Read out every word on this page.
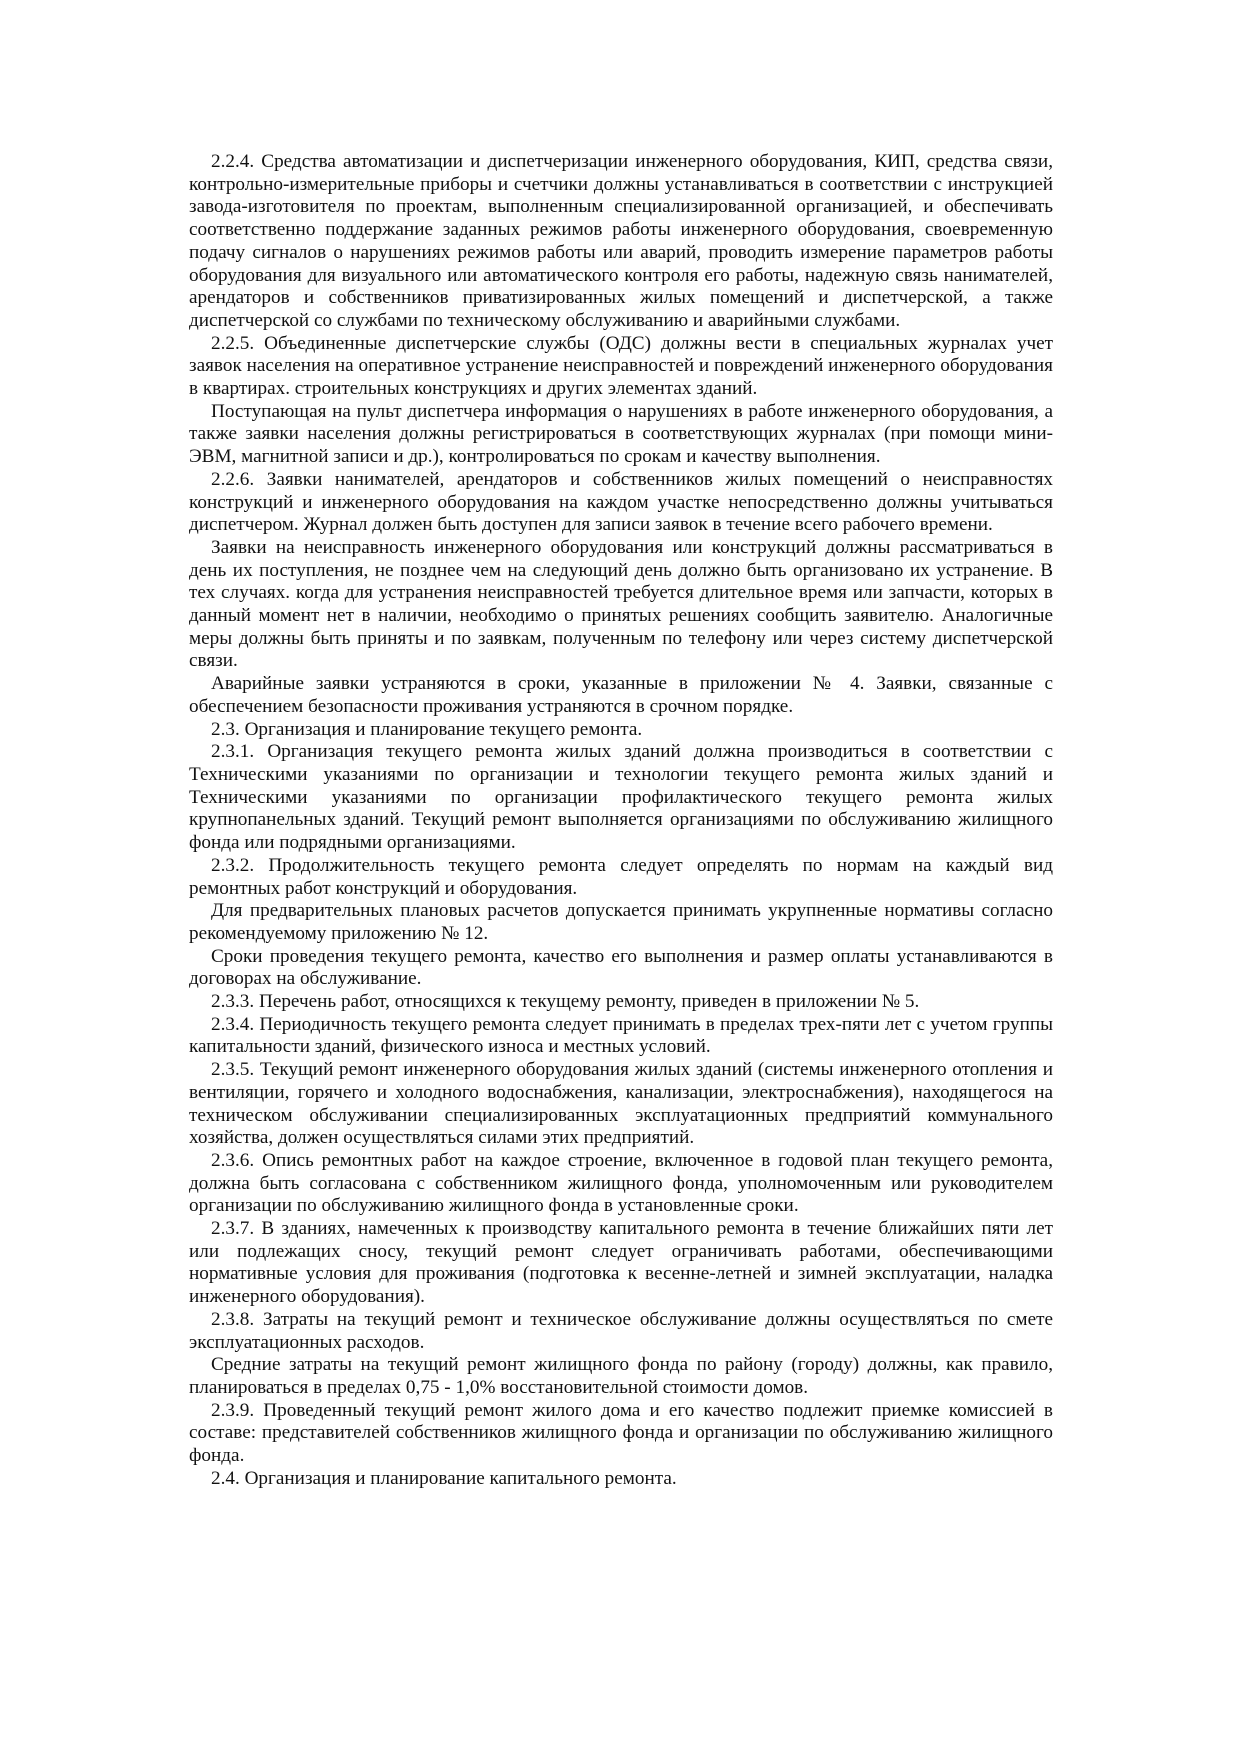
2.2.4. Средства автоматизации и диспетчеризации инженерного оборудования, КИП, средства связи, контрольно-измерительные приборы и счетчики должны устанавливаться в соответствии с инструкцией завода-изготовителя по проектам, выполненным специализированной организацией, и обеспечивать соответственно поддержание заданных режимов работы инженерного оборудования, своевременную подачу сигналов о нарушениях режимов работы или аварий, проводить измерение параметров работы оборудования для визуального или автоматического контроля его работы, надежную связь нанимателей, арендаторов и собственников приватизированных жилых помещений и диспетчерской, а также диспетчерской со службами по техническому обслуживанию и аварийными службами.

2.2.5. Объединенные диспетчерские службы (ОДС) должны вести в специальных журналах учет заявок населения на оперативное устранение неисправностей и повреждений инженерного оборудования в квартирах. строительных конструкциях и других элементах зданий.

Поступающая на пульт диспетчера информация о нарушениях в работе инженерного оборудования, а также заявки населения должны регистрироваться в соответствующих журналах (при помощи мини-ЭВМ, магнитной записи и др.), контролироваться по срокам и качеству выполнения.

2.2.6. Заявки нанимателей, арендаторов и собственников жилых помещений о неисправностях конструкций и инженерного оборудования на каждом участке непосредственно должны учитываться диспетчером. Журнал должен быть доступен для записи заявок в течение всего рабочего времени.

Заявки на неисправность инженерного оборудования или конструкций должны рассматриваться в день их поступления, не позднее чем на следующий день должно быть организовано их устранение. В тех случаях. когда для устранения неисправностей требуется длительное время или запчасти, которых в данный момент нет в наличии, необходимо о принятых решениях сообщить заявителю. Аналогичные меры должны быть приняты и по заявкам, полученным по телефону или через систему диспетчерской связи.

Аварийные заявки устраняются в сроки, указанные в приложении № 4. Заявки, связанные с обеспечением безопасности проживания устраняются в срочном порядке.

2.3. Организация и планирование текущего ремонта.

2.3.1. Организация текущего ремонта жилых зданий должна производиться в соответствии с Техническими указаниями по организации и технологии текущего ремонта жилых зданий и Техническими указаниями по организации профилактического текущего ремонта жилых крупнопанельных зданий. Текущий ремонт выполняется организациями по обслуживанию жилищного фонда или подрядными организациями.

2.3.2. Продолжительность текущего ремонта следует определять по нормам на каждый вид ремонтных работ конструкций и оборудования.

Для предварительных плановых расчетов допускается принимать укрупненные нормативы согласно рекомендуемому приложению № 12.

Сроки проведения текущего ремонта, качество его выполнения и размер оплаты устанавливаются в договорах на обслуживание.

2.3.3. Перечень работ, относящихся к текущему ремонту, приведен в приложении № 5.

2.3.4. Периодичность текущего ремонта следует принимать в пределах трех-пяти лет с учетом группы капитальности зданий, физического износа и местных условий.

2.3.5. Текущий ремонт инженерного оборудования жилых зданий (системы инженерного отопления и вентиляции, горячего и холодного водоснабжения, канализации, электроснабжения), находящегося на техническом обслуживании специализированных эксплуатационных предприятий коммунального хозяйства, должен осуществляться силами этих предприятий.

2.3.6. Опись ремонтных работ на каждое строение, включенное в годовой план текущего ремонта, должна быть согласована с собственником жилищного фонда, уполномоченным или руководителем организации по обслуживанию жилищного фонда в установленные сроки.

2.3.7. В зданиях, намеченных к производству капитального ремонта в течение ближайших пяти лет или подлежащих сносу, текущий ремонт следует ограничивать работами, обеспечивающими нормативные условия для проживания (подготовка к весенне-летней и зимней эксплуатации, наладка инженерного оборудования).

2.3.8. Затраты на текущий ремонт и техническое обслуживание должны осуществляться по смете эксплуатационных расходов.

Средние затраты на текущий ремонт жилищного фонда по району (городу) должны, как правило, планироваться в пределах 0,75 - 1,0% восстановительной стоимости домов.

2.3.9. Проведенный текущий ремонт жилого дома и его качество подлежит приемке комиссией в составе: представителей собственников жилищного фонда и организации по обслуживанию жилищного фонда.

2.4. Организация и планирование капитального ремонта.
